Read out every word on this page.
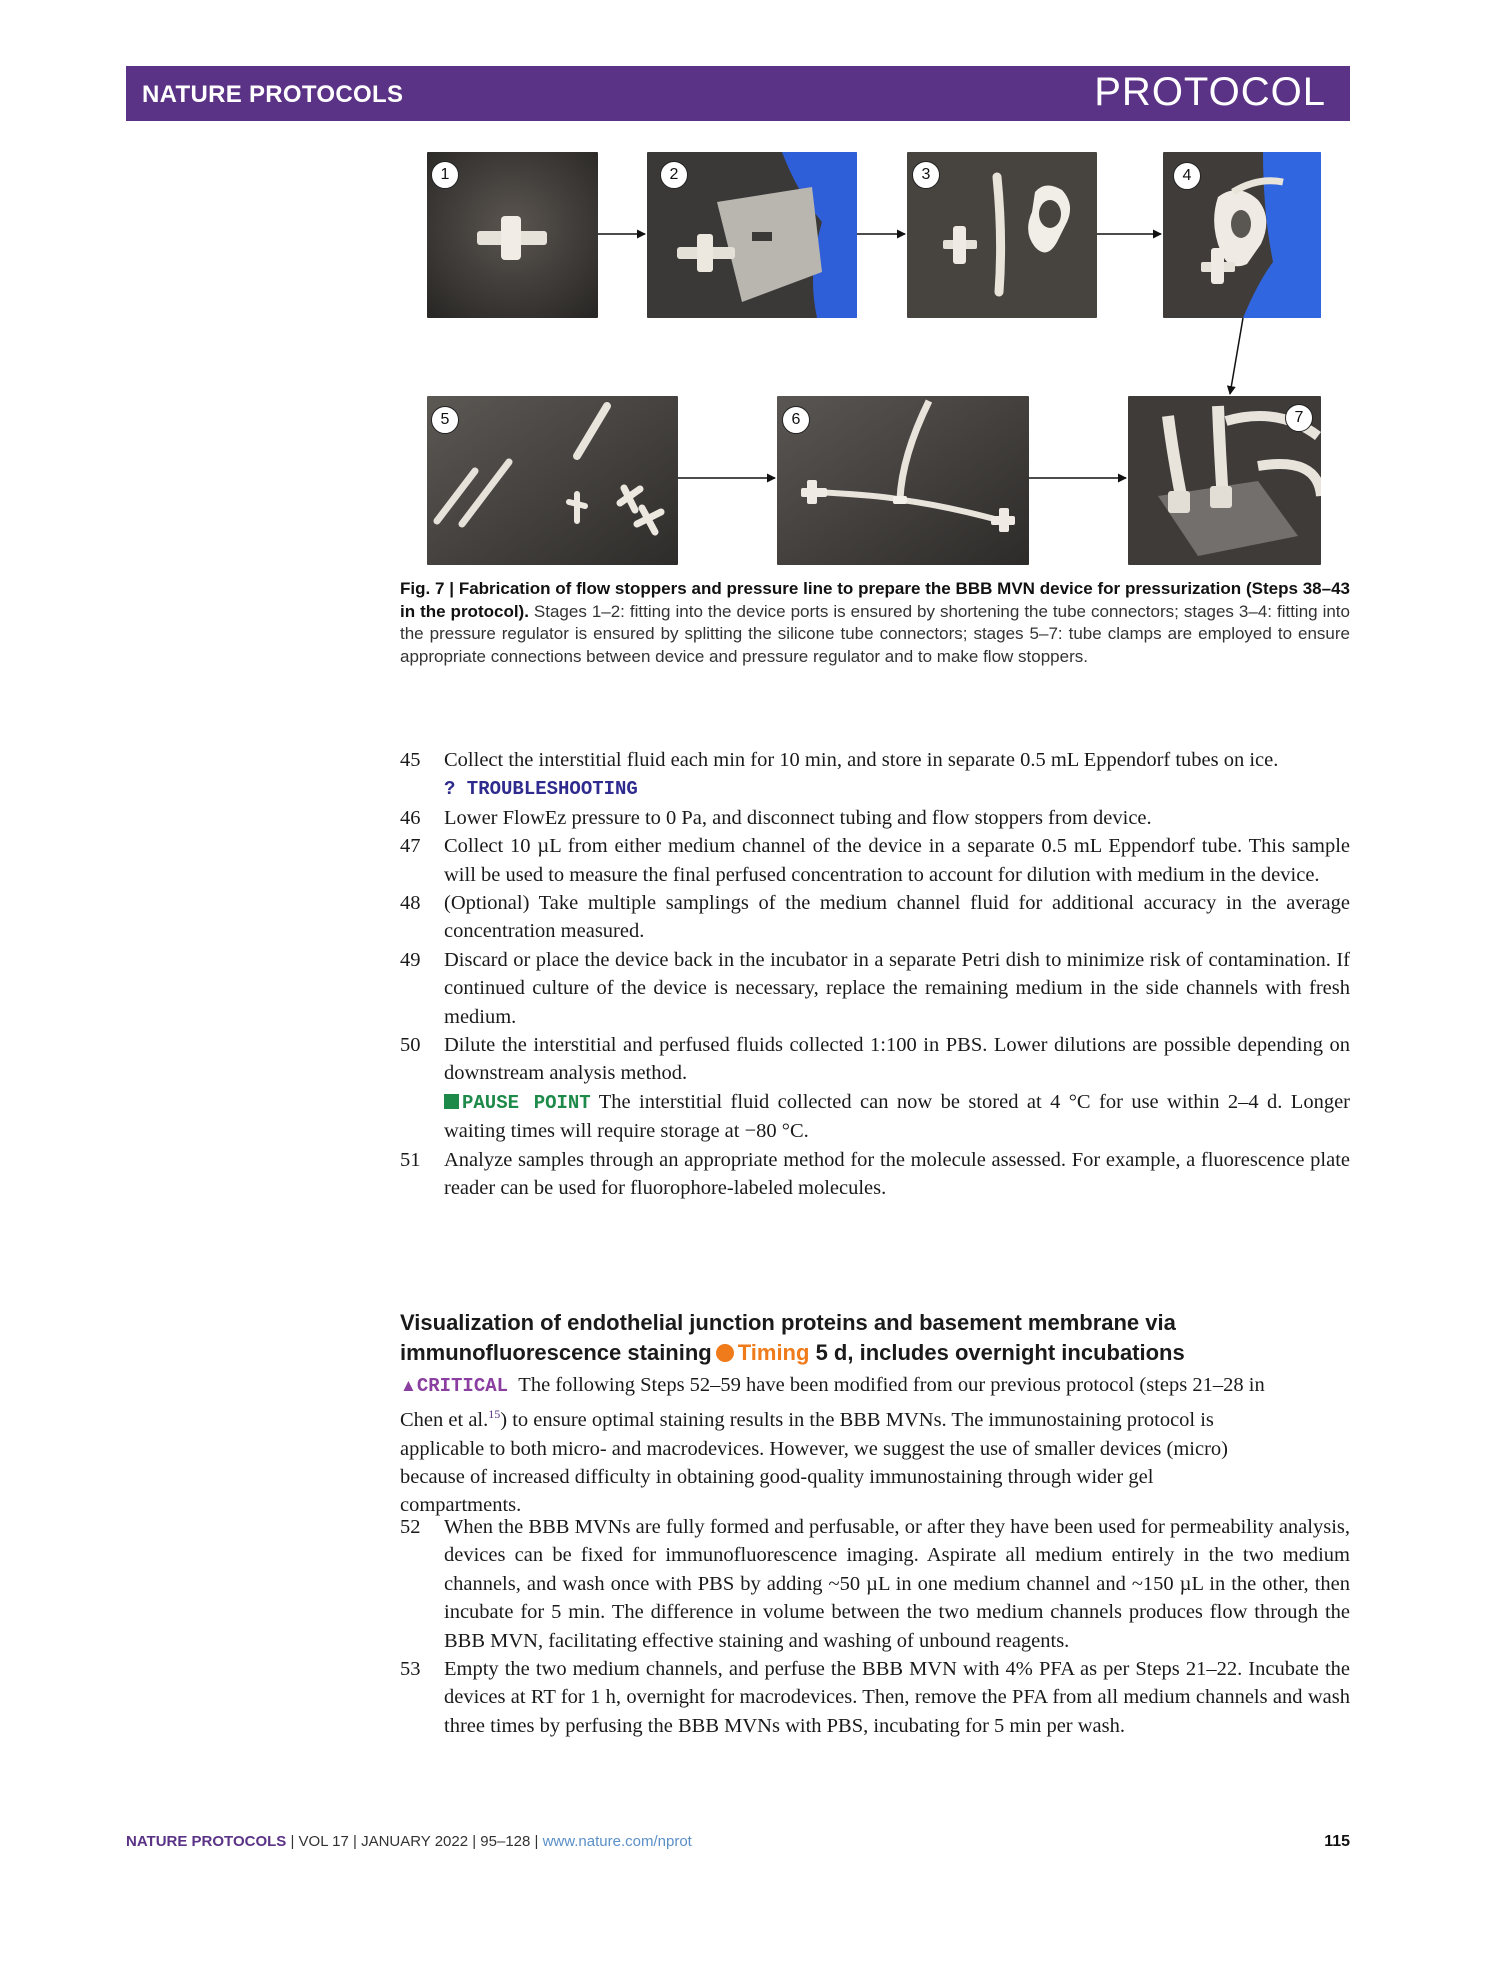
NATURE PROTOCOLS	PROTOCOL
1	2	3	4
5	6	7
Fig. 7 | Fabrication of flow stoppers and pressure line to prepare the BBB MVN device for pressurization (Steps 38–43 in the protocol). Stages 1–2: fitting into the device ports is ensured by shortening the tube connectors; stages 3–4: fitting into the pressure regulator is ensured by splitting the silicone tube connectors; stages 5–7: tube clamps are employed to ensure appropriate connections between device and pressure regulator and to make flow stoppers.
45 Collect the interstitial fluid each min for 10 min, and store in separate 0.5 mL Eppendorf tubes on ice.
? TROUBLESHOOTING
46 Lower FlowEz pressure to 0 Pa, and disconnect tubing and flow stoppers from device.
47 Collect 10 µL from either medium channel of the device in a separate 0.5 mL Eppendorf tube. This sample will be used to measure the final perfused concentration to account for dilution with medium in the device.
48 (Optional) Take multiple samplings of the medium channel fluid for additional accuracy in the average concentration measured.
49 Discard or place the device back in the incubator in a separate Petri dish to minimize risk of contamination. If continued culture of the device is necessary, replace the remaining medium in the side channels with fresh medium.
50 Dilute the interstitial and perfused fluids collected 1:100 in PBS. Lower dilutions are possible depending on downstream analysis method.
PAUSE POINT The interstitial fluid collected can now be stored at 4 °C for use within 2–4 d. Longer waiting times will require storage at −80 °C.
51 Analyze samples through an appropriate method for the molecule assessed. For example, a fluorescence plate reader can be used for fluorophore-labeled molecules.
Visualization of endothelial junction proteins and basement membrane via
immunofluorescence staining Timing 5 d, includes overnight incubations
▲CRITICAL The following Steps 52–59 have been modified from our previous protocol (steps 21–28 in
Chen et al.$^{15}$) to ensure optimal staining results in the BBB MVNs. The immunostaining protocol is
applicable to both micro- and macrodevices. However, we suggest the use of smaller devices (micro)
because of increased difficulty in obtaining good-quality immunostaining through wider gel
compartments.
52 When the BBB MVNs are fully formed and perfusable, or after they have been used for permeability analysis, devices can be fixed for immunofluorescence imaging. Aspirate all medium entirely in the two medium channels, and wash once with PBS by adding ~50 µL in one medium channel and ~150 µL in the other, then incubate for 5 min. The difference in volume between the two medium channels produces flow through the BBB MVN, facilitating effective staining and washing of unbound reagents.
53 Empty the two medium channels, and perfuse the BBB MVN with 4% PFA as per Steps 21–22. Incubate the devices at RT for 1 h, overnight for macrodevices. Then, remove the PFA from all medium channels and wash three times by perfusing the BBB MVNs with PBS, incubating for 5 min per wash.
NATURE PROTOCOLS | VOL 17 | JANUARY 2022 | 95–128 | www.nature.com/nprot	115
